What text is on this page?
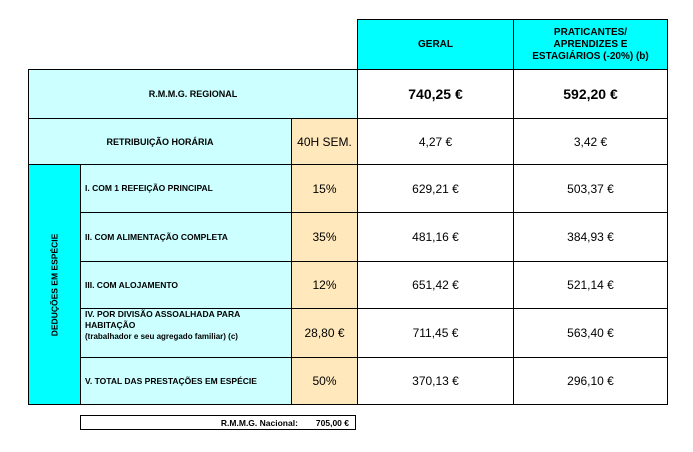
GERAL
PRATICANTES/
APRENDIZES E
ESTAGIÁRIOS (-20%) (b)
R.M.M.G. REGIONAL	740,25 €	592,20 €
RETRIBUIÇÃO HORÁRIA	40H SEM.	4,27 €	3,42 €
DEDUÇÕES EM ESPÉCIE
I. COM 1 REFEIÇÃO PRINCIPAL	15%	629,21 €	503,37 €
II. COM ALIMENTAÇÃO COMPLETA	35%	481,16 €	384,93 €
III. COM ALOJAMENTO	12%	651,42 €	521,14 €
IV. POR DIVISÃO ASSOALHADA PARA
HABITAÇÃO
(trabalhador e seu agregado familiar) (c)	28,80 €	711,45 €	563,40 €
V. TOTAL DAS PRESTAÇÕES EM ESPÉCIE	50%	370,13 €	296,10 €
R.M.M.G. Nacional: 705,00 €
